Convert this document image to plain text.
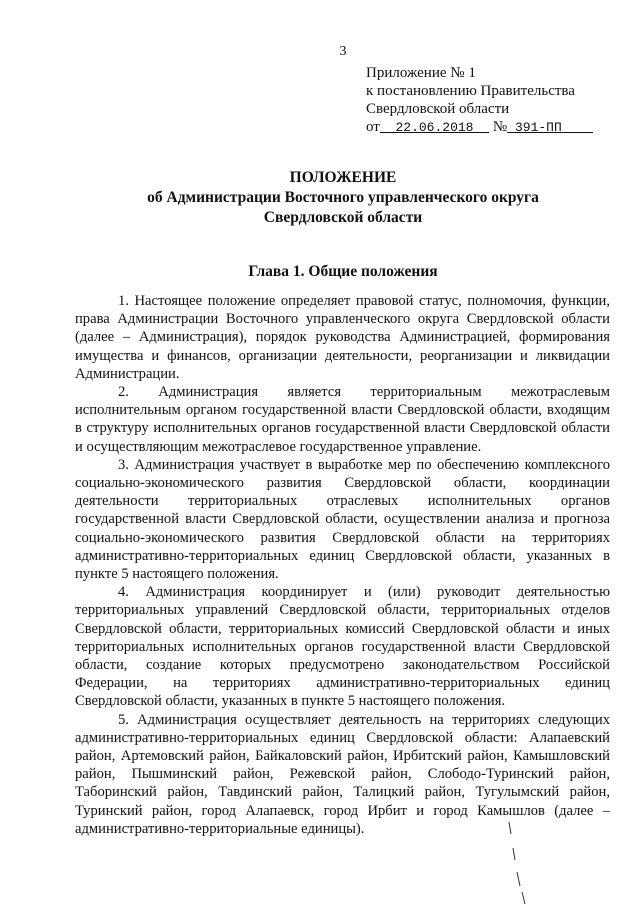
3
Приложение № 1
к постановлению Правительства
Свердловской области
от 22.06.2018 № 391-ПП
ПОЛОЖЕНИЕ
об Администрации Восточного управленческого округа
Свердловской области
Глава 1. Общие положения

1. Настоящее положение определяет правовой статус, полномочия, функции, права Администрации Восточного управленческого округа Свердловской области (далее – Администрация), порядок руководства Администрацией, формирования имущества и финансов, организации деятельности, реорганизации и ликвидации Администрации.

2. Администрация является территориальным межотраслевым исполнительным органом государственной власти Свердловской области, входящим в структуру исполнительных органов государственной власти Свердловской области и осуществляющим межотраслевое государственное управление.

3. Администрация участвует в выработке мер по обеспечению комплексного социально-экономического развития Свердловской области, координации деятельности территориальных отраслевых исполнительных органов государственной власти Свердловской области, осуществлении анализа и прогноза социально-экономического развития Свердловской области на территориях административно-территориальных единиц Свердловской области, указанных в пункте 5 настоящего положения.

4. Администрация координирует и (или) руководит деятельностью территориальных управлений Свердловской области, территориальных отделов Свердловской области, территориальных комиссий Свердловской области и иных территориальных исполнительных органов государственной власти Свердловской области, создание которых предусмотрено законодательством Российской Федерации, на территориях административно-территориальных единиц Свердловской области, указанных в пункте 5 настоящего положения.

5. Администрация осуществляет деятельность на территориях следующих административно-территориальных единиц Свердловской области: Алапаевский район, Артемовский район, Байкаловский район, Ирбитский район, Камышловский район, Пышминский район, Режевской район, Слободо-Туринский район, Таборинский район, Тавдинский район, Талицкий район, Тугулымский район, Туринский район, город Алапаевск, город Ирбит и город Камышлов (далее – административно-территориальные единицы).
